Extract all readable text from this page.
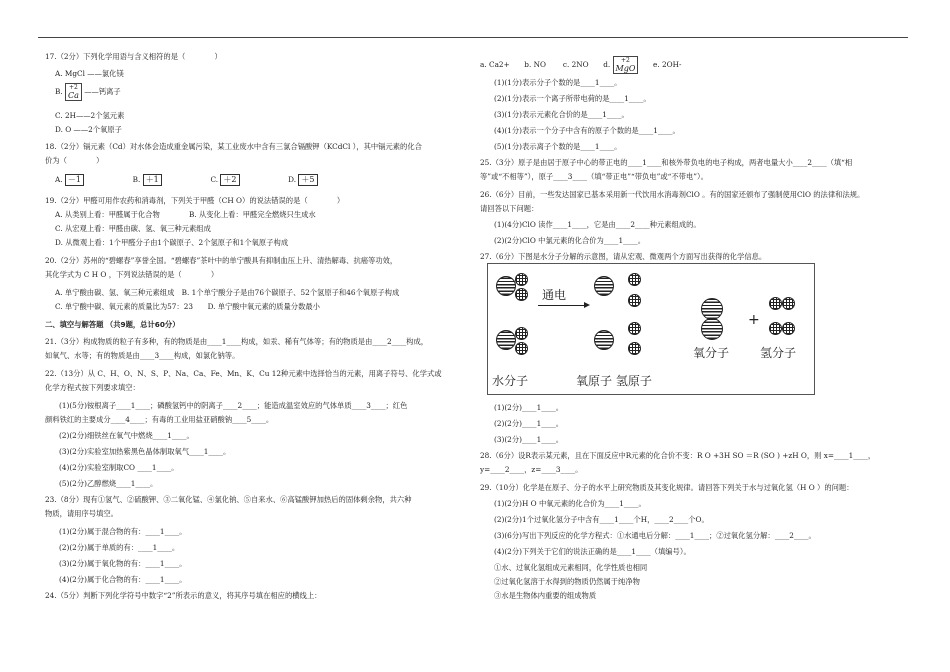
17.（2分）下列化学用语与含义相符的是（　　　　）
A. MgCl ——氯化镁
B. +2
Ca ——钙离子
C. 2H——2个氢元素
D. O ——2个氧原子
18.（2分）镉元素（Cd）对水体会造成重金属污染，某工业废水中含有三氯合镉酸钾（KCdCl ），其中镉元素的化合
价为（　　　　）
A. －1	B. ＋1	C. ＋2	D. ＋5
19.（2分）甲醛可用作农药和消毒剂，下列关于甲醛（CH O）的说法错误的是（　　　　）
A. 从类别上看：甲醛属于化合物　　　　B. 从变化上看：甲醛完全燃烧只生成水
C. 从宏观上看：甲醛由碳、氢、氧三种元素组成
D. 从微观上看：1个甲醛分子由1个碳原子、2个氢原子和1个氧原子构成
20.（2分）苏州的“碧螺春”享誉全国。“碧螺春”茶叶中的单宁酸具有抑制血压上升、清热解毒、抗癌等功效，
其化学式为 C H O ，下列说法错误的是（　　　　）
A. 单宁酸由碳、氢、氧三种元素组成　B. 1个单宁酸分子是由76个碳原子、52个氢原子和46个氧原子构成
C. 单宁酸中碳、氧元素的质量比为57：23　　D. 单宁酸中氧元素的质量分数最小
二、填空与解答题 （共9题，总计60分）
21.（3分）构成物质的粒子有多种，有的物质是由____1____构成，如汞、稀有气体等；有的物质是由____2____构成，
如氧气、水等；有的物质是由____3____构成，如氯化钠等。
22.（13分）从 C、H、O、N、S、P、Na、Ca、Fe、Mn、K、Cu 12种元素中选择恰当的元素，用离子符号、化学式或
化学方程式按下列要求填空：
(1)(5分)铵根离子____1____；磷酸氢钙中的阴离子____2____；能造成温室效应的气体单质____3____；红色
颜料铁红的主要成分____4____；有毒的工业用盐亚硝酸钠____5____。
(2)(2分)细铁丝在氧气中燃烧____1____。
(3)(2分)实验室加热紫黑色晶体制取氧气____1____。
(4)(2分)实验室制取CO ____1____。
(5)(2分)乙醇燃烧____1____。
23.（8分）现有①氢气、②硫酸钾、③二氧化锰、④氯化钠、⑤自来水、⑥高锰酸钾加热后的固体剩余物，共六种
物质，请用序号填空。
(1)(2分)属于混合物的有：____1____。
(2)(2分)属于单质的有：____1____。
(3)(2分)属于氧化物的有：____1____。
(4)(2分)属于化合物的有：____1____。
24.（5分）判断下列化学符号中数字“2”所表示的意义，将其序号填在相应的横线上：
a. Ca2+　　b. NO 　　c. 2NO　　d. +2
MgO e. 2OH-
(1)(1分)表示分子个数的是____1____。
(2)(1分)表示一个离子所带电荷的是____1____。
(3)(1分)表示元素化合价的是____1____。
(4)(1分)表示一个分子中含有的原子个数的是____1____。
(5)(1分)表示离子个数的是____1____。
25.（3分）原子是由居于原子中心的带正电的____1____和核外带负电的电子构成，两者电量大小____2____（填“相
等”或“不相等”），原子____3____（填“带正电”“带负电”或“不带电”）。
26.（6分）目前，一些发达国家已基本采用新一代饮用水消毒剂ClO 。有的国家还颁布了强制使用ClO 的法律和法规。
请回答以下问题：
(1)(4分)ClO 读作____1____，它是由____2____种元素组成的。
(2)(2分)ClO 中氯元素的化合价为____1____。
27.（6分）下图是水分子分解的示意图，请从宏观、微观两个方面写出获得的化学信息。
(1)(2分)____1____。
(2)(2分)____1____。
(3)(2分)____1____。
28.（6分）设R表示某元素，且在下面反应中R元素的化合价不变：R O +3H SO ＝R (SO ) +zH O，则 x=____1____，
y=____2____，z=____3____。
29.（10分）化学是在原子、分子的水平上研究物质及其变化规律。请回答下列关于水与过氧化氢（H O ）的问题：
(1)(2分)H O 中氧元素的化合价为____1____。
(2)(2分)1个过氧化氢分子中含有____1____个H，____2____个O。
(3)(6分)写出下列反应的化学方程式：①水通电后分解：____1____；②过氧化氢分解：____2____。
(4)(2分)下列关于它们的说法正确的是____1____（填编号）。
①水、过氧化氢组成元素相同，化学性质也相同
②过氧化氢溶于水得到的物质仍然属于纯净物
③水是生物体内重要的组成物质
通电
+
水分子	氧原子 氢原子
氧分子	氢分子
